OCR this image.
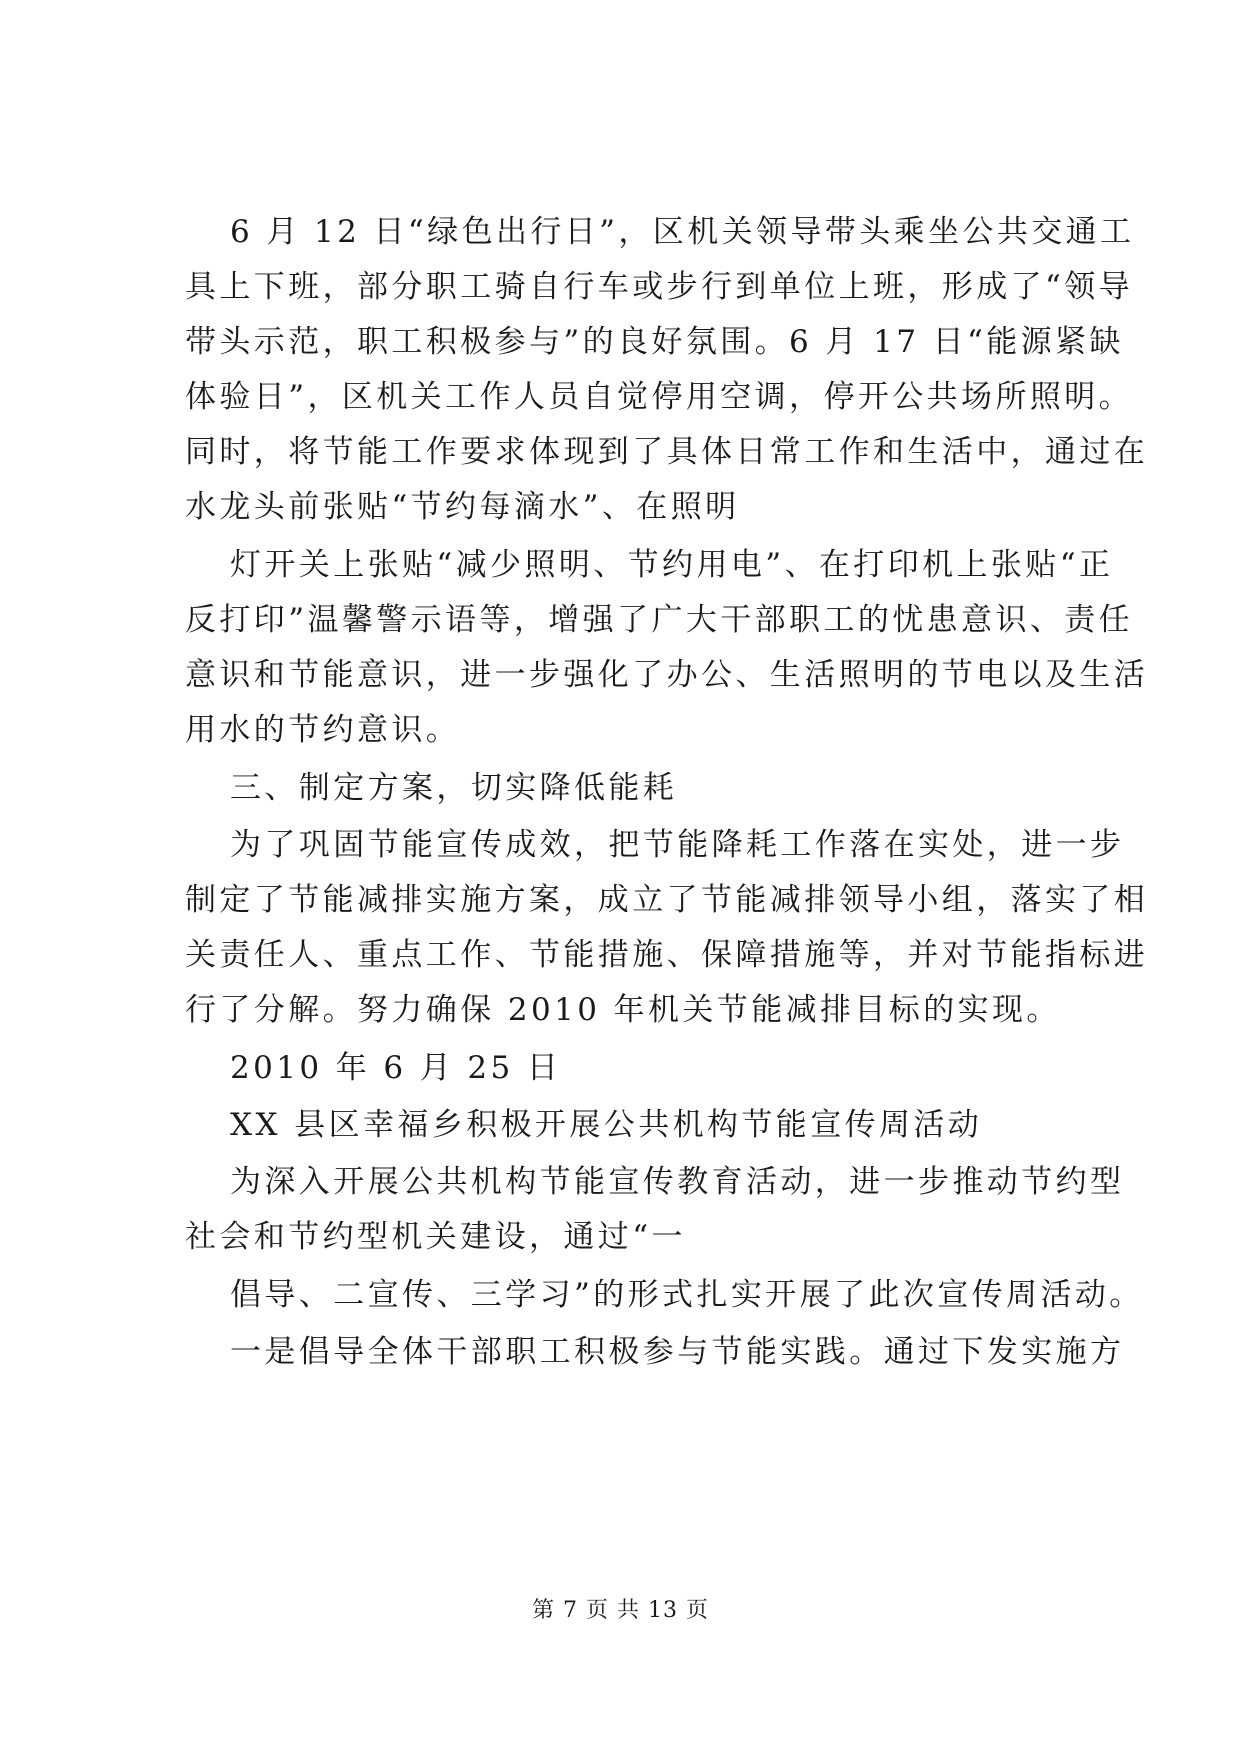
6 月 12 日“绿色出行日”，区机关领导带头乘坐公共交通工
具上下班，部分职工骑自行车或步行到单位上班，形成了“领导
带头示范，职工积极参与”的良好氛围。6 月 17 日“能源紧缺
体验日”，区机关工作人员自觉停用空调，停开公共场所照明。
同时，将节能工作要求体现到了具体日常工作和生活中，通过在
水龙头前张贴“节约每滴水”、在照明
灯开关上张贴“减少照明、节约用电”、在打印机上张贴“正
反打印”温馨警示语等，增强了广大干部职工的忧患意识、责任
意识和节能意识，进一步强化了办公、生活照明的节电以及生活
用水的节约意识。
三、制定方案，切实降低能耗
为了巩固节能宣传成效，把节能降耗工作落在实处，进一步
制定了节能减排实施方案，成立了节能减排领导小组，落实了相
关责任人、重点工作、节能措施、保障措施等，并对节能指标进
行了分解。努力确保 2010 年机关节能减排目标的实现。
2010 年 6 月 25 日
XX 县区幸福乡积极开展公共机构节能宣传周活动
为深入开展公共机构节能宣传教育活动，进一步推动节约型
社会和节约型机关建设，通过“一
倡导、二宣传、三学习”的形式扎实开展了此次宣传周活动。
一是倡导全体干部职工积极参与节能实践。通过下发实施方
第 7 页 共 13 页
